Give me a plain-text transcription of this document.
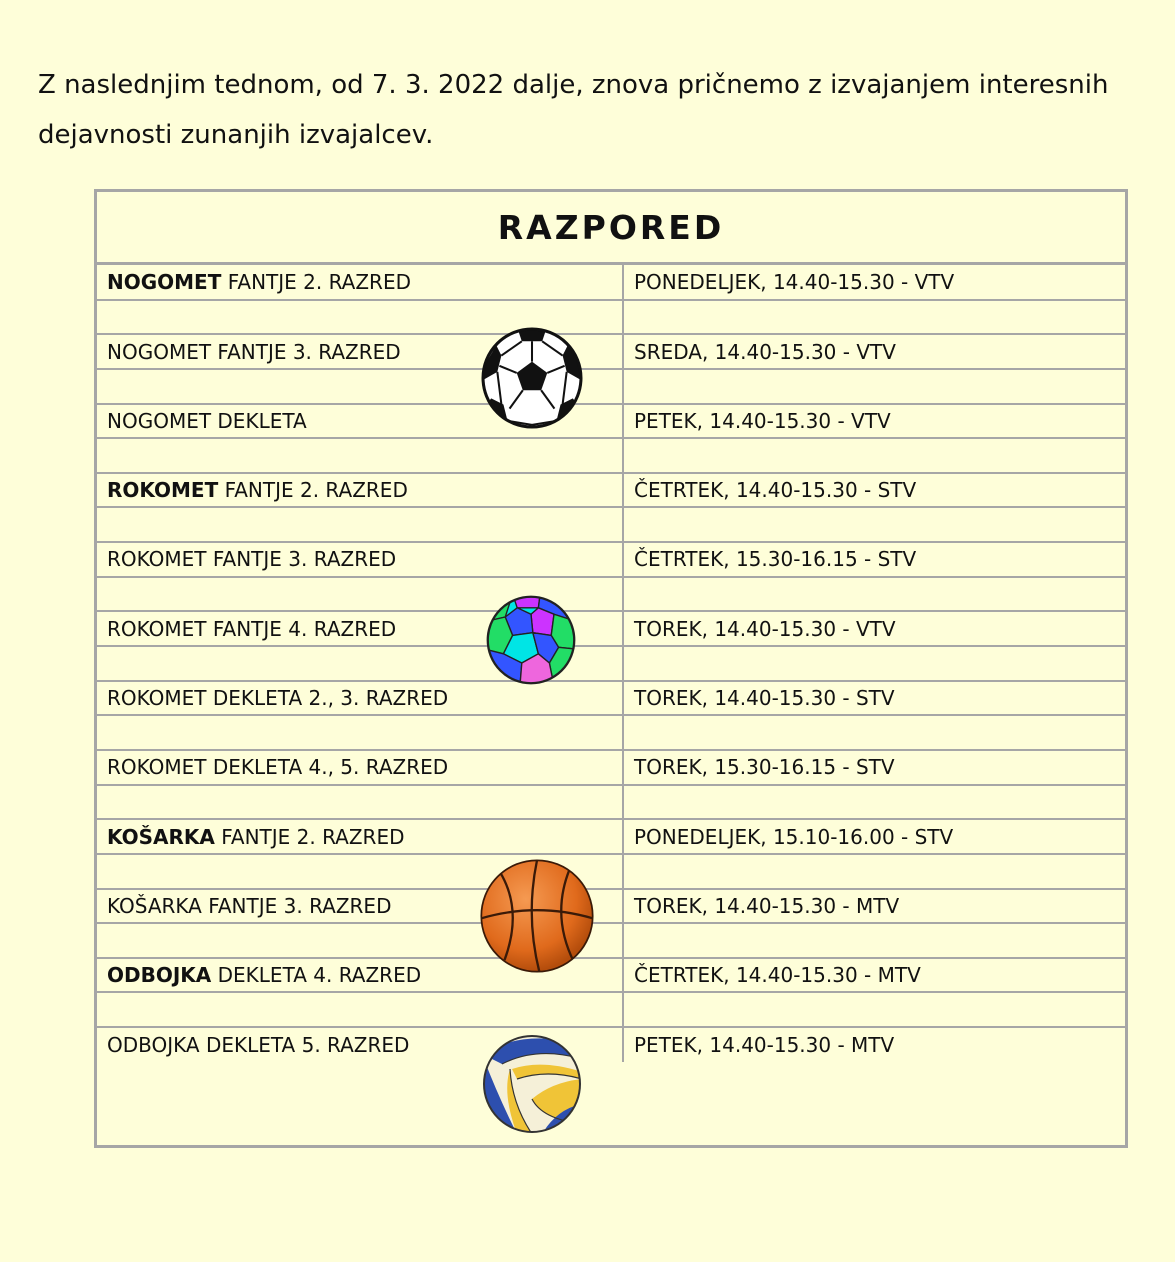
Z naslednjim tednom, od 7. 3. 2022 dalje, znova pričnemo z izvajanjem interesnih dejavnosti zunanjih izvajalcev.

RAZPORED
NOGOMET FANTJE 2. RAZRED	PONEDELJEK, 14.40-15.30 - VTV

NOGOMET FANTJE 3. RAZRED	SREDA, 14.40-15.30 - VTV

NOGOMET DEKLETA	PETEK, 14.40-15.30 - VTV

ROKOMET FANTJE 2. RAZRED	ČETRTEK, 14.40-15.30 - STV

ROKOMET FANTJE 3. RAZRED	ČETRTEK, 15.30-16.15 - STV

ROKOMET FANTJE 4. RAZRED	TOREK, 14.40-15.30 - VTV

ROKOMET DEKLETA 2., 3. RAZRED	TOREK, 14.40-15.30 - STV

ROKOMET DEKLETA 4., 5. RAZRED	TOREK, 15.30-16.15 - STV

KOŠARKA FANTJE 2. RAZRED	PONEDELJEK, 15.10-16.00 - STV

KOŠARKA FANTJE 3. RAZRED	TOREK, 14.40-15.30 - MTV

ODBOJKA DEKLETA 4. RAZRED	ČETRTEK, 14.40-15.30 - MTV

ODBOJKA DEKLETA 5. RAZRED	PETEK, 14.40-15.30 - MTV
